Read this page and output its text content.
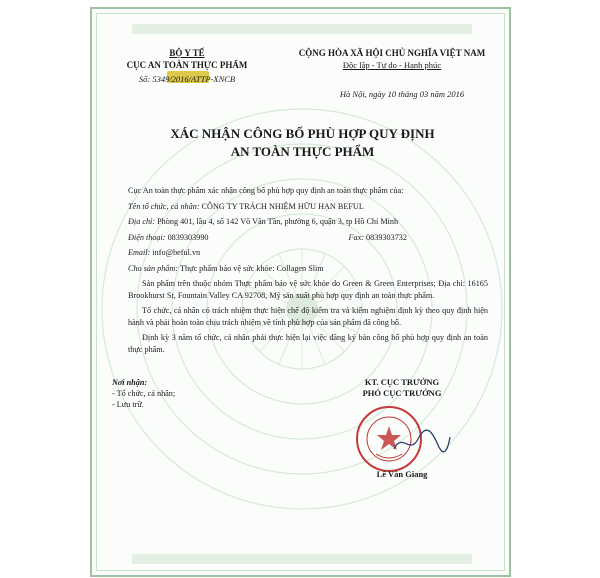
BỘ Y TẾ
CỤC AN TOÀN THỰC PHẨM
Số: 5349/2016/ATTP-XNCB
CỘNG HÒA XÃ HỘI CHỦ NGHĨA VIỆT NAM
Độc lập - Tự do - Hạnh phúc
Hà Nội, ngày 10 tháng 03 năm 2016
XÁC NHẬN CÔNG BỐ PHÙ HỢP QUY ĐỊNH
AN TOÀN THỰC PHẨM

Cục An toàn thực phẩm xác nhận công bố phù hợp quy định an toàn thực phẩm của:

Tên tổ chức, cá nhân: CÔNG TY TRÁCH NHIỆM HỮU HẠN BEFUL

Địa chỉ: Phòng 401, lầu 4, số 142 Võ Văn Tần, phường 6, quận 3, tp Hồ Chí Minh

Điện thoại: 0839303990	Fax: 0839303732

Email: info@beful.vn

Cho sản phẩm: Thực phẩm bảo vệ sức khỏe: Collagen Slim

Sản phẩm trên thuộc nhóm Thực phẩm bảo vệ sức khỏe do Green & Green Enterprises; Địa chỉ: 16165 Brookhurst St, Fountain Valley CA 92708, Mỹ sản xuất phù hợp quy định an toàn thực phẩm.

Tổ chức, cá nhân có trách nhiệm thực hiện chế độ kiểm tra và kiểm nghiệm định kỳ theo quy định hiện hành và phải hoàn toàn chịu trách nhiệm về tính phù hợp của sản phẩm đã công bố.

Định kỳ 3 năm tổ chức, cá nhân phải thực hiện lại việc đăng ký bản công bố phù hợp quy định an toàn thực phẩm.

Nơi nhận:
- Tổ chức, cá nhân;
- Lưu trữ.
KT. CỤC TRƯỞNG
PHÓ CỤC TRƯỞNG
Lê Văn Giang
